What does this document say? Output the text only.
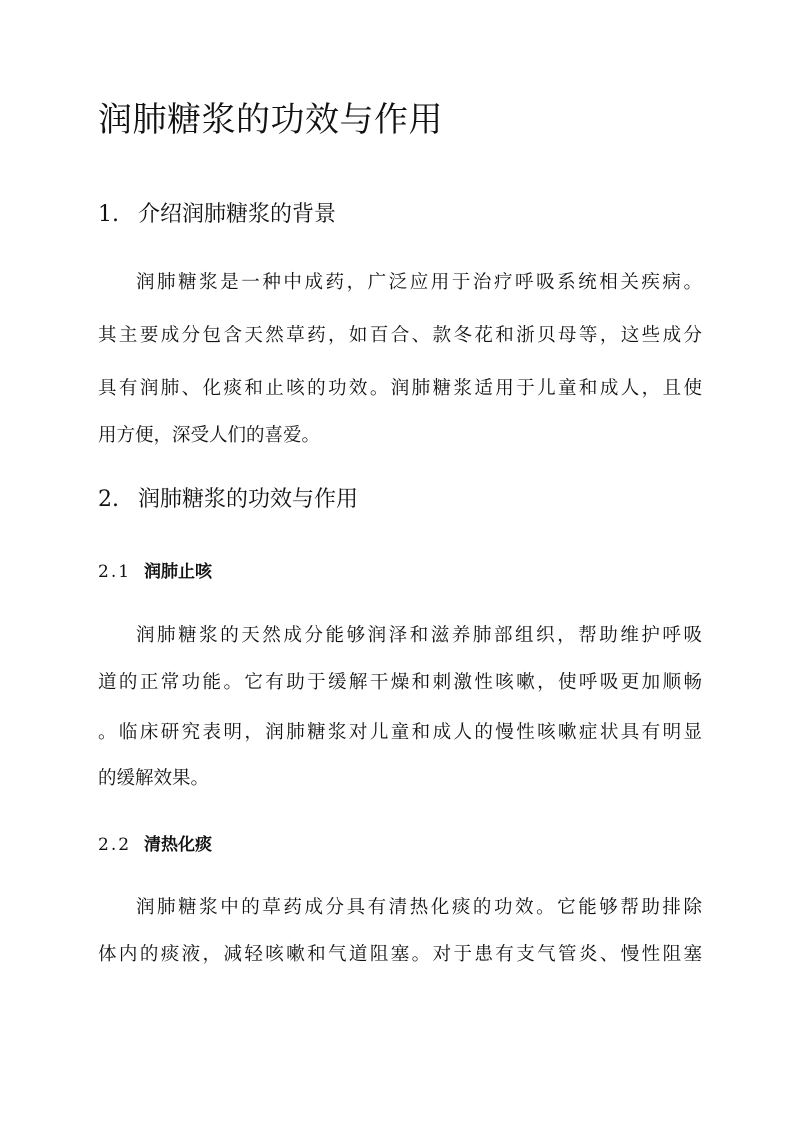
润肺糖浆的功效与作用
1. 介绍润肺糖浆的背景

润肺糖浆是一种中成药，广泛应用于治疗呼吸系统相关疾病。

其主要成分包含天然草药，如百合、款冬花和浙贝母等，这些成分

具有润肺、化痰和止咳的功效。润肺糖浆适用于儿童和成人，且使

用方便，深受人们的喜爱。

2. 润肺糖浆的功效与作用
2.1 润肺止咳

润肺糖浆的天然成分能够润泽和滋养肺部组织，帮助维护呼吸

道的正常功能。它有助于缓解干燥和刺激性咳嗽，使呼吸更加顺畅

。临床研究表明，润肺糖浆对儿童和成人的慢性咳嗽症状具有明显

的缓解效果。

2.2 清热化痰

润肺糖浆中的草药成分具有清热化痰的功效。它能够帮助排除

体内的痰液，减轻咳嗽和气道阻塞。对于患有支气管炎、慢性阻塞
